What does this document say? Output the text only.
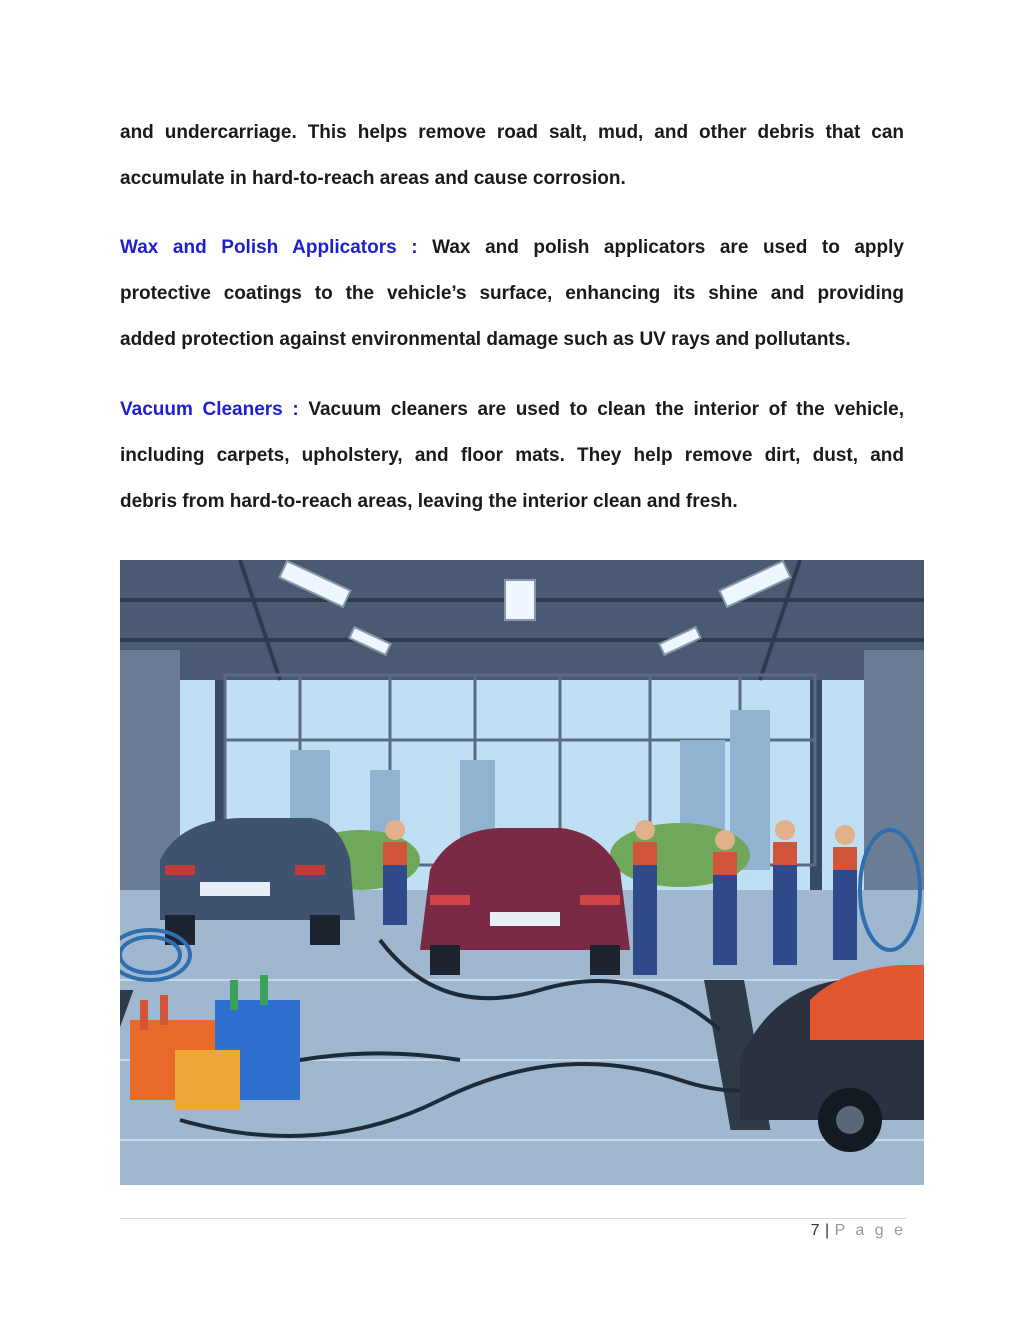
and undercarriage. This helps remove road salt, mud, and other debris that can
accumulate in hard-to-reach areas and cause corrosion.
Wax and Polish Applicators : Wax and polish applicators are used to apply
protective coatings to the vehicle’s surface, enhancing its shine and providing
added protection against environmental damage such as UV rays and pollutants.
Vacuum Cleaners : Vacuum cleaners are used to clean the interior of the vehicle,
including carpets, upholstery, and floor mats. They help remove dirt, dust, and
debris from hard-to-reach areas, leaving the interior clean and fresh.
7 | P a g e
